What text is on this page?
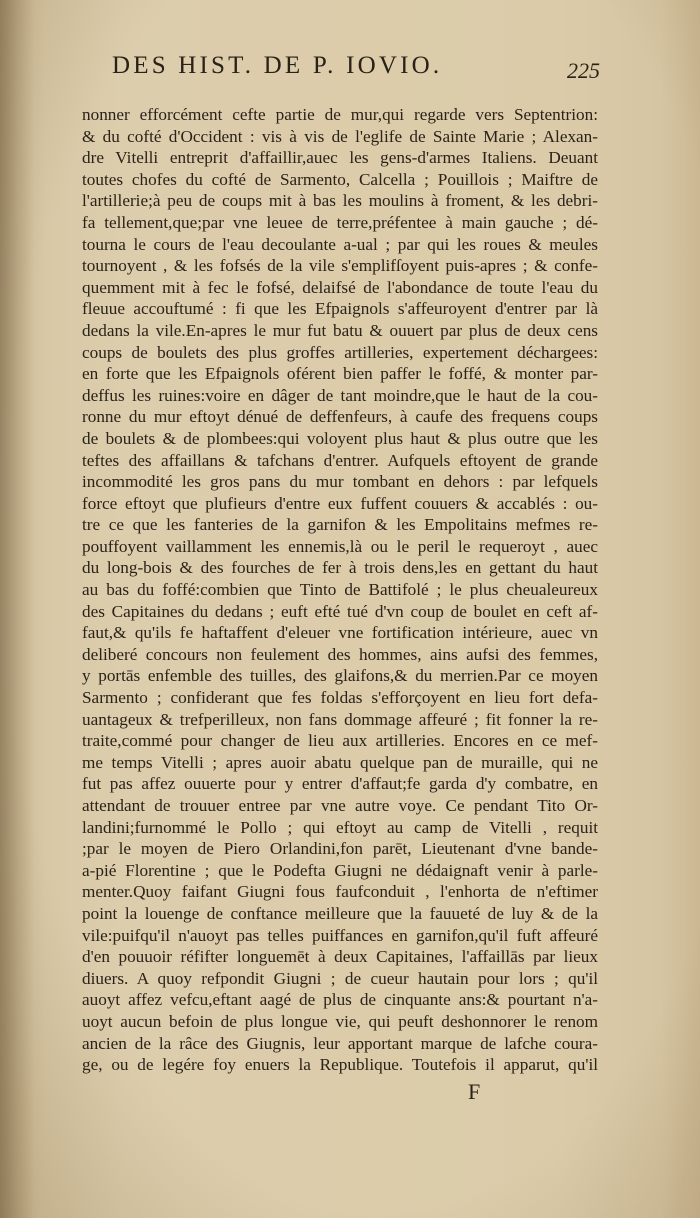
DES HIST. DE P. IOVIO.	225
nonner efforcément cefte partie de mur,qui regarde vers Septentrion:
& du cofté d'Occident : vis à vis de l'eglife de Sainte Marie ; Alexan-
dre Vitelli entreprit d'affaillir,auec les gens-d'armes Italiens. Deuant
toutes chofes du cofté de Sarmento, Calcella ; Pouillois ; Maiftre de
l'artillerie;à peu de coups mit à bas les moulins à froment, & les debri-
fa tellement,que;par vne leuee de terre,préfentee à main gauche ; dé-
tourna le cours de l'eau decoulante a-ual ; par qui les roues & meules
tournoyent , & les fofsés de la vile s'emplifſoyent puis-apres ; & confe-
quemment mit à fec le fofsé, delaifsé de l'abondance de toute l'eau du
fleuue accouftumé : fi que les Efpaignols s'affeuroyent d'entrer par là
dedans la vile.En-apres le mur fut batu & ouuert par plus de deux cens
coups de boulets des plus groffes artilleries, expertement déchargees:
en forte que les Efpaignols oférent bien paffer le foffé, & monter par-
deffus les ruines:voire en dâger de tant moindre,que le haut de la cou-
ronne du mur eftoyt dénué de deffenfeurs, à caufe des frequens coups
de boulets & de plombees:qui voloyent plus haut & plus outre que les
teftes des affaillans & tafchans d'entrer. Aufquels eftoyent de grande
incommodité les gros pans du mur tombant en dehors : par lefquels
force eftoyt que plufieurs d'entre eux fuffent couuers & accablés : ou-
tre ce que les fanteries de la garnifon & les Empolitains mefmes re-
pouffoyent vaillamment les ennemis,là ou le peril le requeroyt , auec
du long-bois & des fourches de fer à trois dens,les en gettant du haut
au bas du foffé:combien que Tinto de Battifolé ; le plus cheualeureux
des Capitaines du dedans ; euft efté tué d'vn coup de boulet en ceft af-
faut,& qu'ils fe haftaffent d'eleuer vne fortification intérieure, auec vn
deliberé concours non feulement des hommes, ains aufsi des femmes,
y portās enfemble des tuilles, des glaifons,& du merrien.Par ce moyen
Sarmento ; confiderant que fes foldas s'efforçoyent en lieu fort defa-
uantageux & trefperilleux, non fans dommage affeuré ; fit fonner la re-
traite,commé pour changer de lieu aux artilleries. Encores en ce mef-
me temps Vitelli ; apres auoir abatu quelque pan de muraille, qui ne
fut pas affez ouuerte pour y entrer d'affaut;fe garda d'y combatre, en
attendant de trouuer entree par vne autre voye. Ce pendant Tito Or-
landini;furnommé le Pollo ; qui eftoyt au camp de Vitelli , requit
;par le moyen de Piero Orlandini,fon parēt, Lieutenant d'vne bande-
a-pié Florentine ; que le Podefta Giugni ne dédaignaft venir à parle-
menter.Quoy faifant Giugni fous faufconduit , l'enhorta de n'eftimer
point la louenge de conftance meilleure que la fauueté de luy & de la
vile:puifqu'il n'auoyt pas telles puiffances en garnifon,qu'il fuft affeuré
d'en pouuoir réfifter longuemēt à deux Capitaines, l'affaillās par lieux
diuers. A quoy refpondit Giugni ; de cueur hautain pour lors ; qu'il
auoyt affez vefcu,eftant aagé de plus de cinquante ans:& pourtant n'a-
uoyt aucun befoin de plus longue vie, qui peuft deshonnorer le renom
ancien de la râce des Giugnis, leur apportant marque de lafche coura-
ge, ou de legére foy enuers la Republique. Toutefois il apparut, qu'il
F
